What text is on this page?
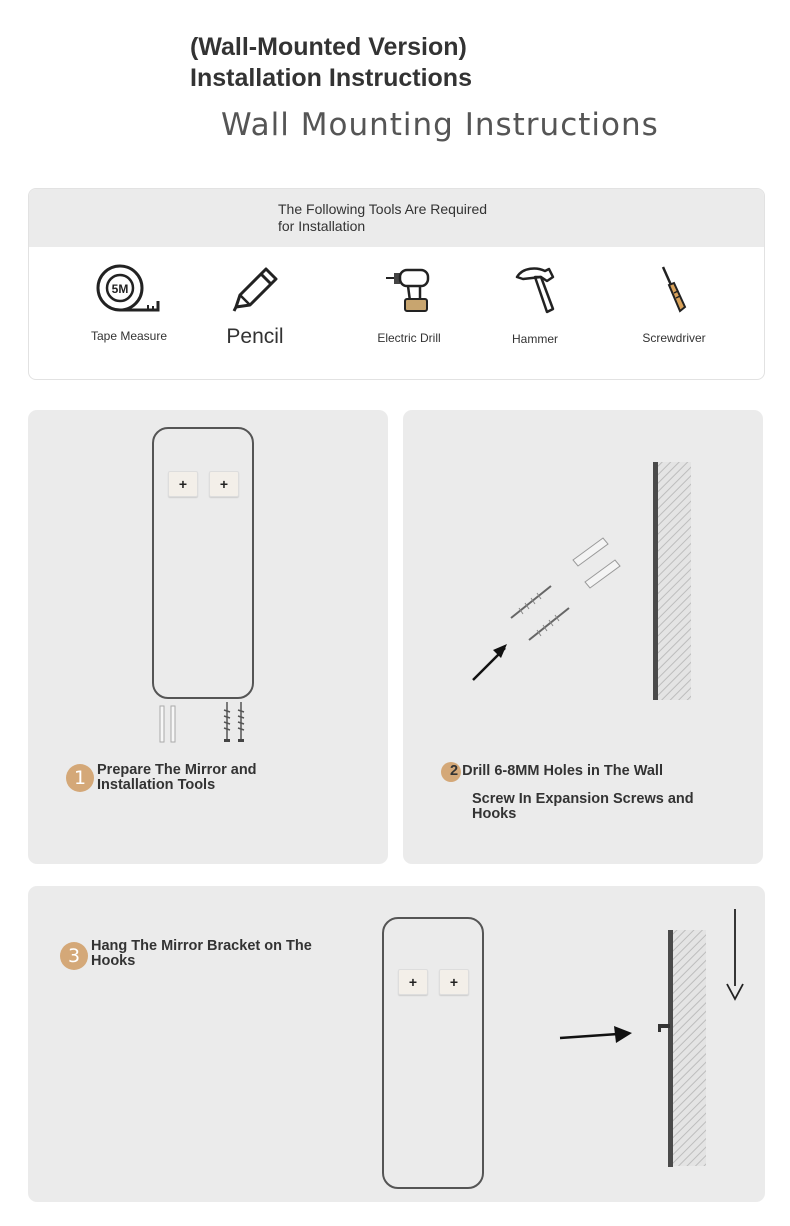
(Wall-Mounted Version)
Installation Instructions
Wall Mounting Instructions
The Following Tools Are Required
for Installation
5M
Tape Measure	Pencil	Electric Drill	Hammer	Screwdriver
+	+
1 Prepare The Mirror and
Installation Tools
2 Drill 6-8MM Holes in The Wall
Screw In Expansion Screws and
Hooks
3 Hang The Mirror Bracket on The
Hooks
+	+
